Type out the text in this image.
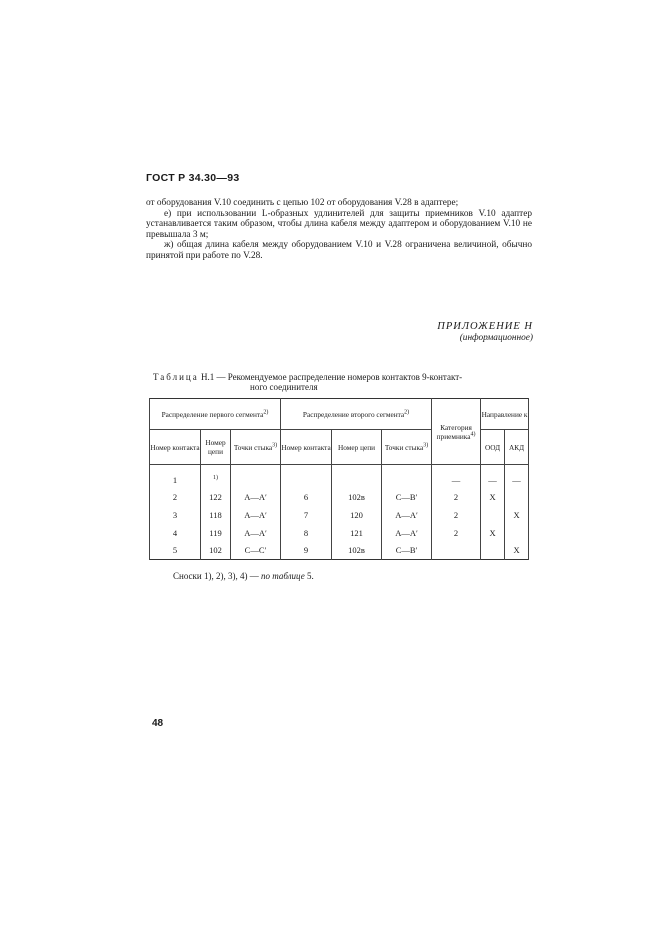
ГОСТ Р 34.30—93

от оборудования V.10 соединить с цепью 102 от оборудования V.28 в адаптере;

е) при использовании L-образных удлинителей для защиты приемников V.10 адаптер устанавливается таким образом, чтобы длина кабеля между адаптером и оборудованием V.10 не превышала 3 м;

ж) общая длина кабеля между оборудованием V.10 и V.28 ограничена величиной, обычно принятой при работе по V.28.

ПРИЛОЖЕНИЕ Н
(информационное)
Таблица Н.1 — Рекомендуемое распределение номеров контактов 9-контакт-
ного соединителя
Распределение первого сегмента$^{2)}$			Распределение второго сегмента$^{2)}$			Категория приемника$^{4)}$	Направление к	
Номер контакта	Номер цепи	Точки стыка$^{3)}$	Номер контакта	Номер цепи	Точки стыка$^{3)}$		ООД	АКД
1	$^{1)}$					—	—	—
2	122	A—A′	6	102в	C—B′	2	X	
3	118	A—A′	7	120	A—A′	2		X
4	119	A—A′	8	121	A—A′	2	X	
5	102	C—C′	9	102в	C—B′			X
Сноски 1), 2), 3), 4) — по таблице 5.
48
